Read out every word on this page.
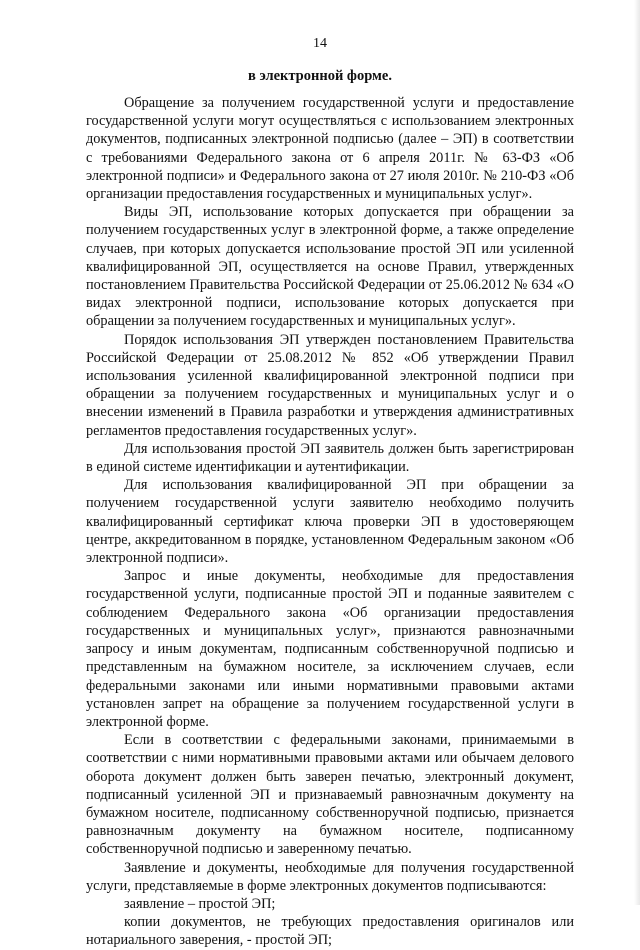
14
в электронной форме.

Обращение за получением государственной услуги и предоставление государственной услуги могут осуществляться с использованием электронных документов, подписанных электронной подписью (далее – ЭП) в соответствии с требованиями Федерального закона от 6 апреля 2011г. № 63-ФЗ «Об электронной подписи» и Федерального закона от 27 июля 2010г. № 210-ФЗ «Об организации предоставления государственных и муниципальных услуг».

Виды ЭП, использование которых допускается при обращении за получением государственных услуг в электронной форме, а также определение случаев, при которых допускается использование простой ЭП или усиленной квалифицированной ЭП, осуществляется на основе Правил, утвержденных постановлением Правительства Российской Федерации от 25.06.2012 № 634 «О видах электронной подписи, использование которых допускается при обращении за получением государственных и муниципальных услуг».

Порядок использования ЭП утвержден постановлением Правительства Российской Федерации от 25.08.2012 № 852 «Об утверждении Правил использования усиленной квалифицированной электронной подписи при обращении за получением государственных и муниципальных услуг и о внесении изменений в Правила разработки и утверждения административных регламентов предоставления государственных услуг».

Для использования простой ЭП заявитель должен быть зарегистрирован в единой системе идентификации и аутентификации.

Для использования квалифицированной ЭП при обращении за получением государственной услуги заявителю необходимо получить квалифицированный сертификат ключа проверки ЭП в удостоверяющем центре, аккредитованном в порядке, установленном Федеральным законом «Об электронной подписи».

Запрос и иные документы, необходимые для предоставления государственной услуги, подписанные простой ЭП и поданные заявителем с соблюдением Федерального закона «Об организации предоставления государственных и муниципальных услуг», признаются равнозначными запросу и иным документам, подписанным собственноручной подписью и представленным на бумажном носителе, за исключением случаев, если федеральными законами или иными нормативными правовыми актами установлен запрет на обращение за получением государственной услуги в электронной форме.

Если в соответствии с федеральными законами, принимаемыми в соответствии с ними нормативными правовыми актами или обычаем делового оборота документ должен быть заверен печатью, электронный документ, подписанный усиленной ЭП и признаваемый равнозначным документу на бумажном носителе, подписанному собственноручной подписью, признается равнозначным документу на бумажном носителе, подписанному собственноручной подписью и заверенному печатью.

Заявление и документы, необходимые для получения государственной услуги, представляемые в форме электронных документов подписываются:

заявление – простой ЭП;

копии документов, не требующих предоставления оригиналов или нотариального заверения, - простой ЭП;
